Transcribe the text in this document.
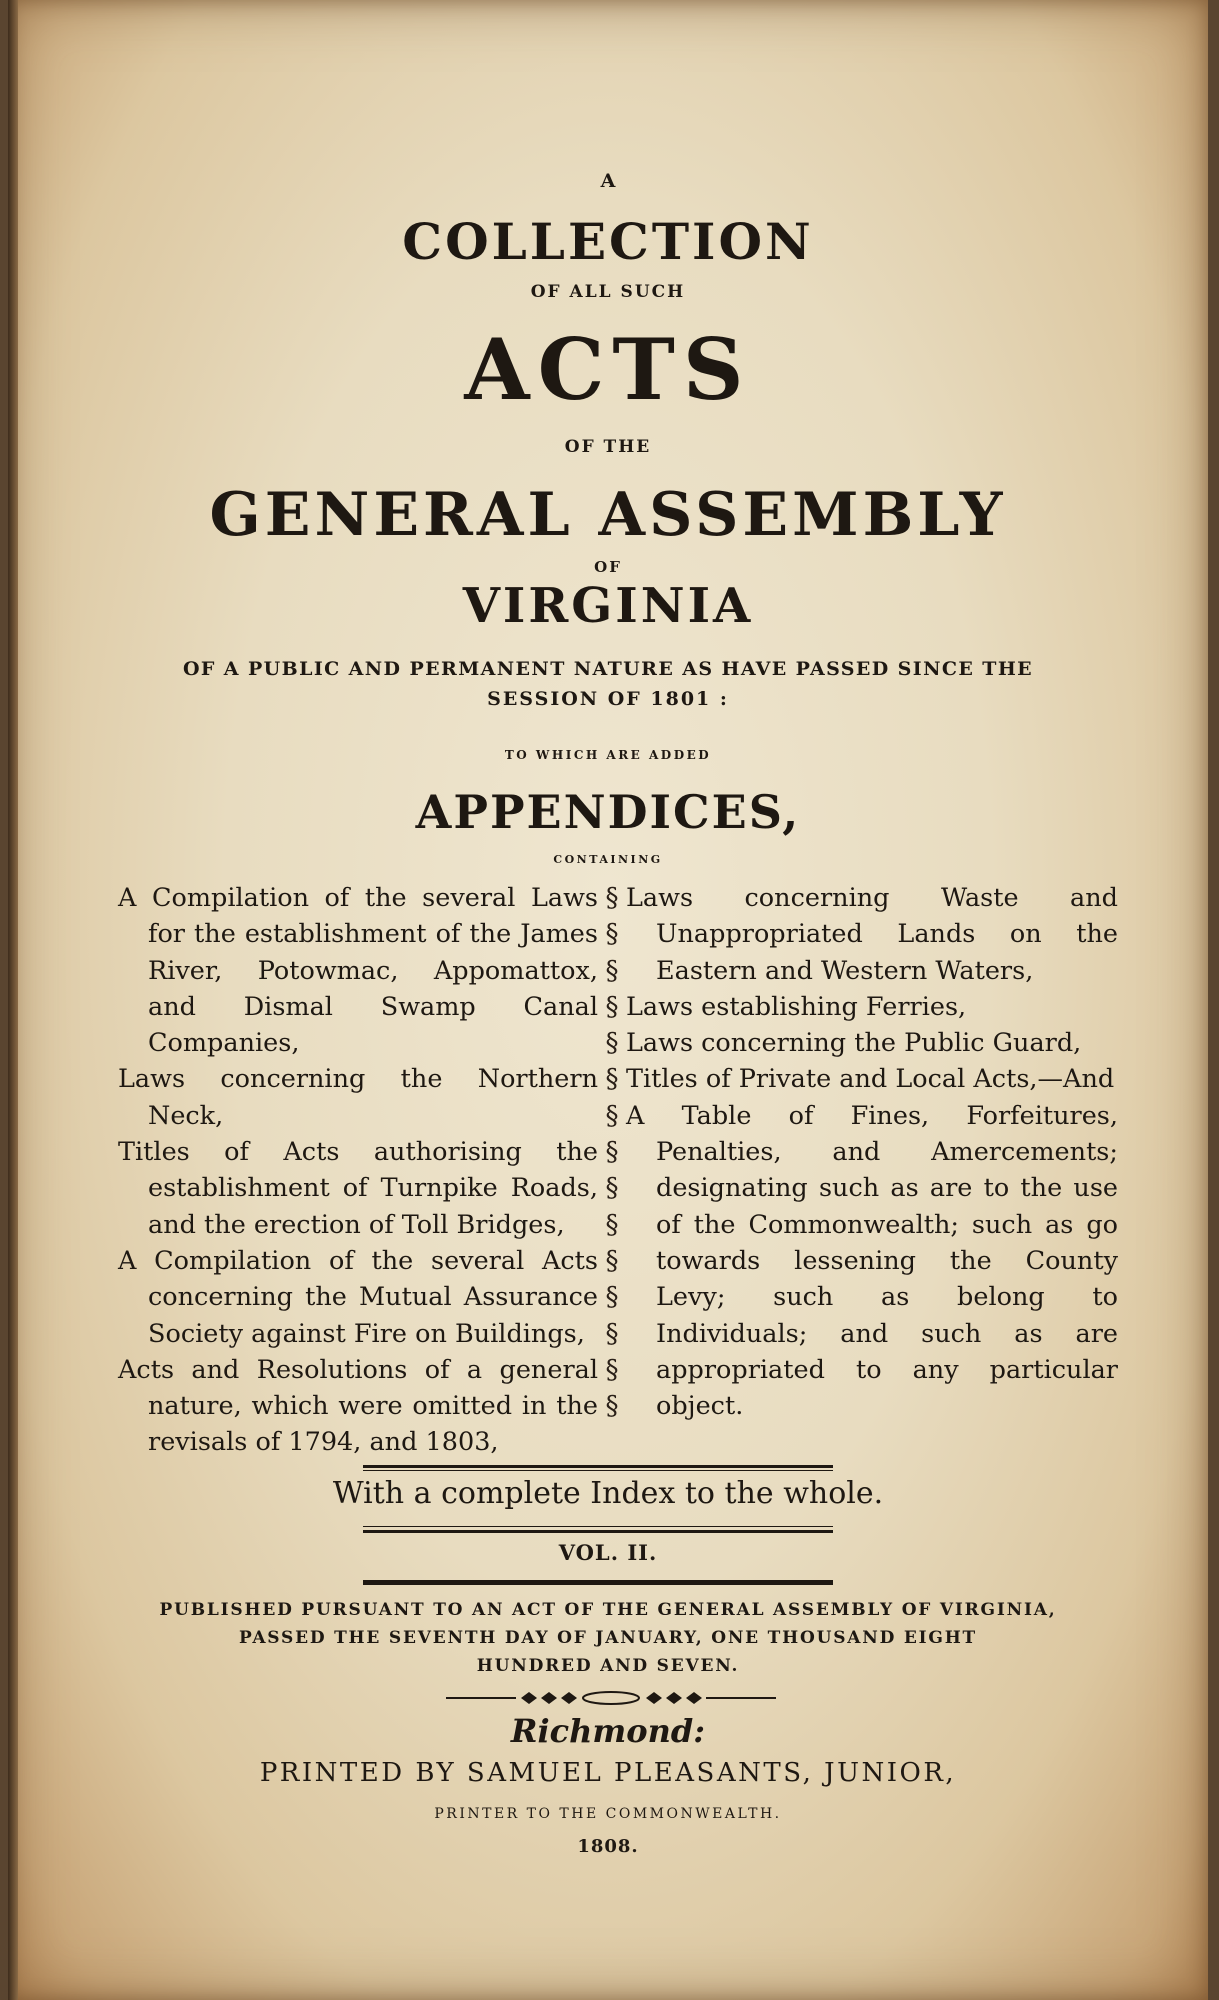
A
COLLECTION
OF ALL SUCH
ACTS
OF THE
GENERAL ASSEMBLY
OF
VIRGINIA
OF A PUBLIC AND PERMANENT NATURE AS HAVE PASSED SINCE THE
SESSION OF 1801 :
TO WHICH ARE ADDED
APPENDICES,
CONTAINING

A Compilation of the several Laws for the establishment of the James River, Potowmac, Appomattox, and Dismal Swamp Canal Companies,

Laws concerning the Northern Neck,

Titles of Acts authorising the establishment of Turnpike Roads, and the erection of Toll Bridges,

A Compilation of the several Acts concerning the Mutual Assurance Society against Fire on Buildings,

Acts and Resolutions of a general nature, which were omitted in the revisals of 1794, and 1803,

§
§
§
§
§
§
§
§
§
§
§
§
§
§
§

Laws concerning Waste and Unappropriated Lands on the Eastern and Western Waters,

Laws establishing Ferries,

Laws concerning the Public Guard,

Titles of Private and Local Acts,—And

A Table of Fines, Forfeitures, Penalties, and Amercements; designating such as are to the use of the Commonwealth; such as go towards lessening the County Levy; such as belong to Individuals; and such as are appropriated to any particular object.

With a complete Index to the whole.
VOL. II.
PUBLISHED PURSUANT TO AN ACT OF THE GENERAL ASSEMBLY OF VIRGINIA,
PASSED THE SEVENTH DAY OF JANUARY, ONE THOUSAND EIGHT
HUNDRED AND SEVEN.
Richmond:
PRINTED BY SAMUEL PLEASANTS, JUNIOR,
PRINTER TO THE COMMONWEALTH.
1808.
